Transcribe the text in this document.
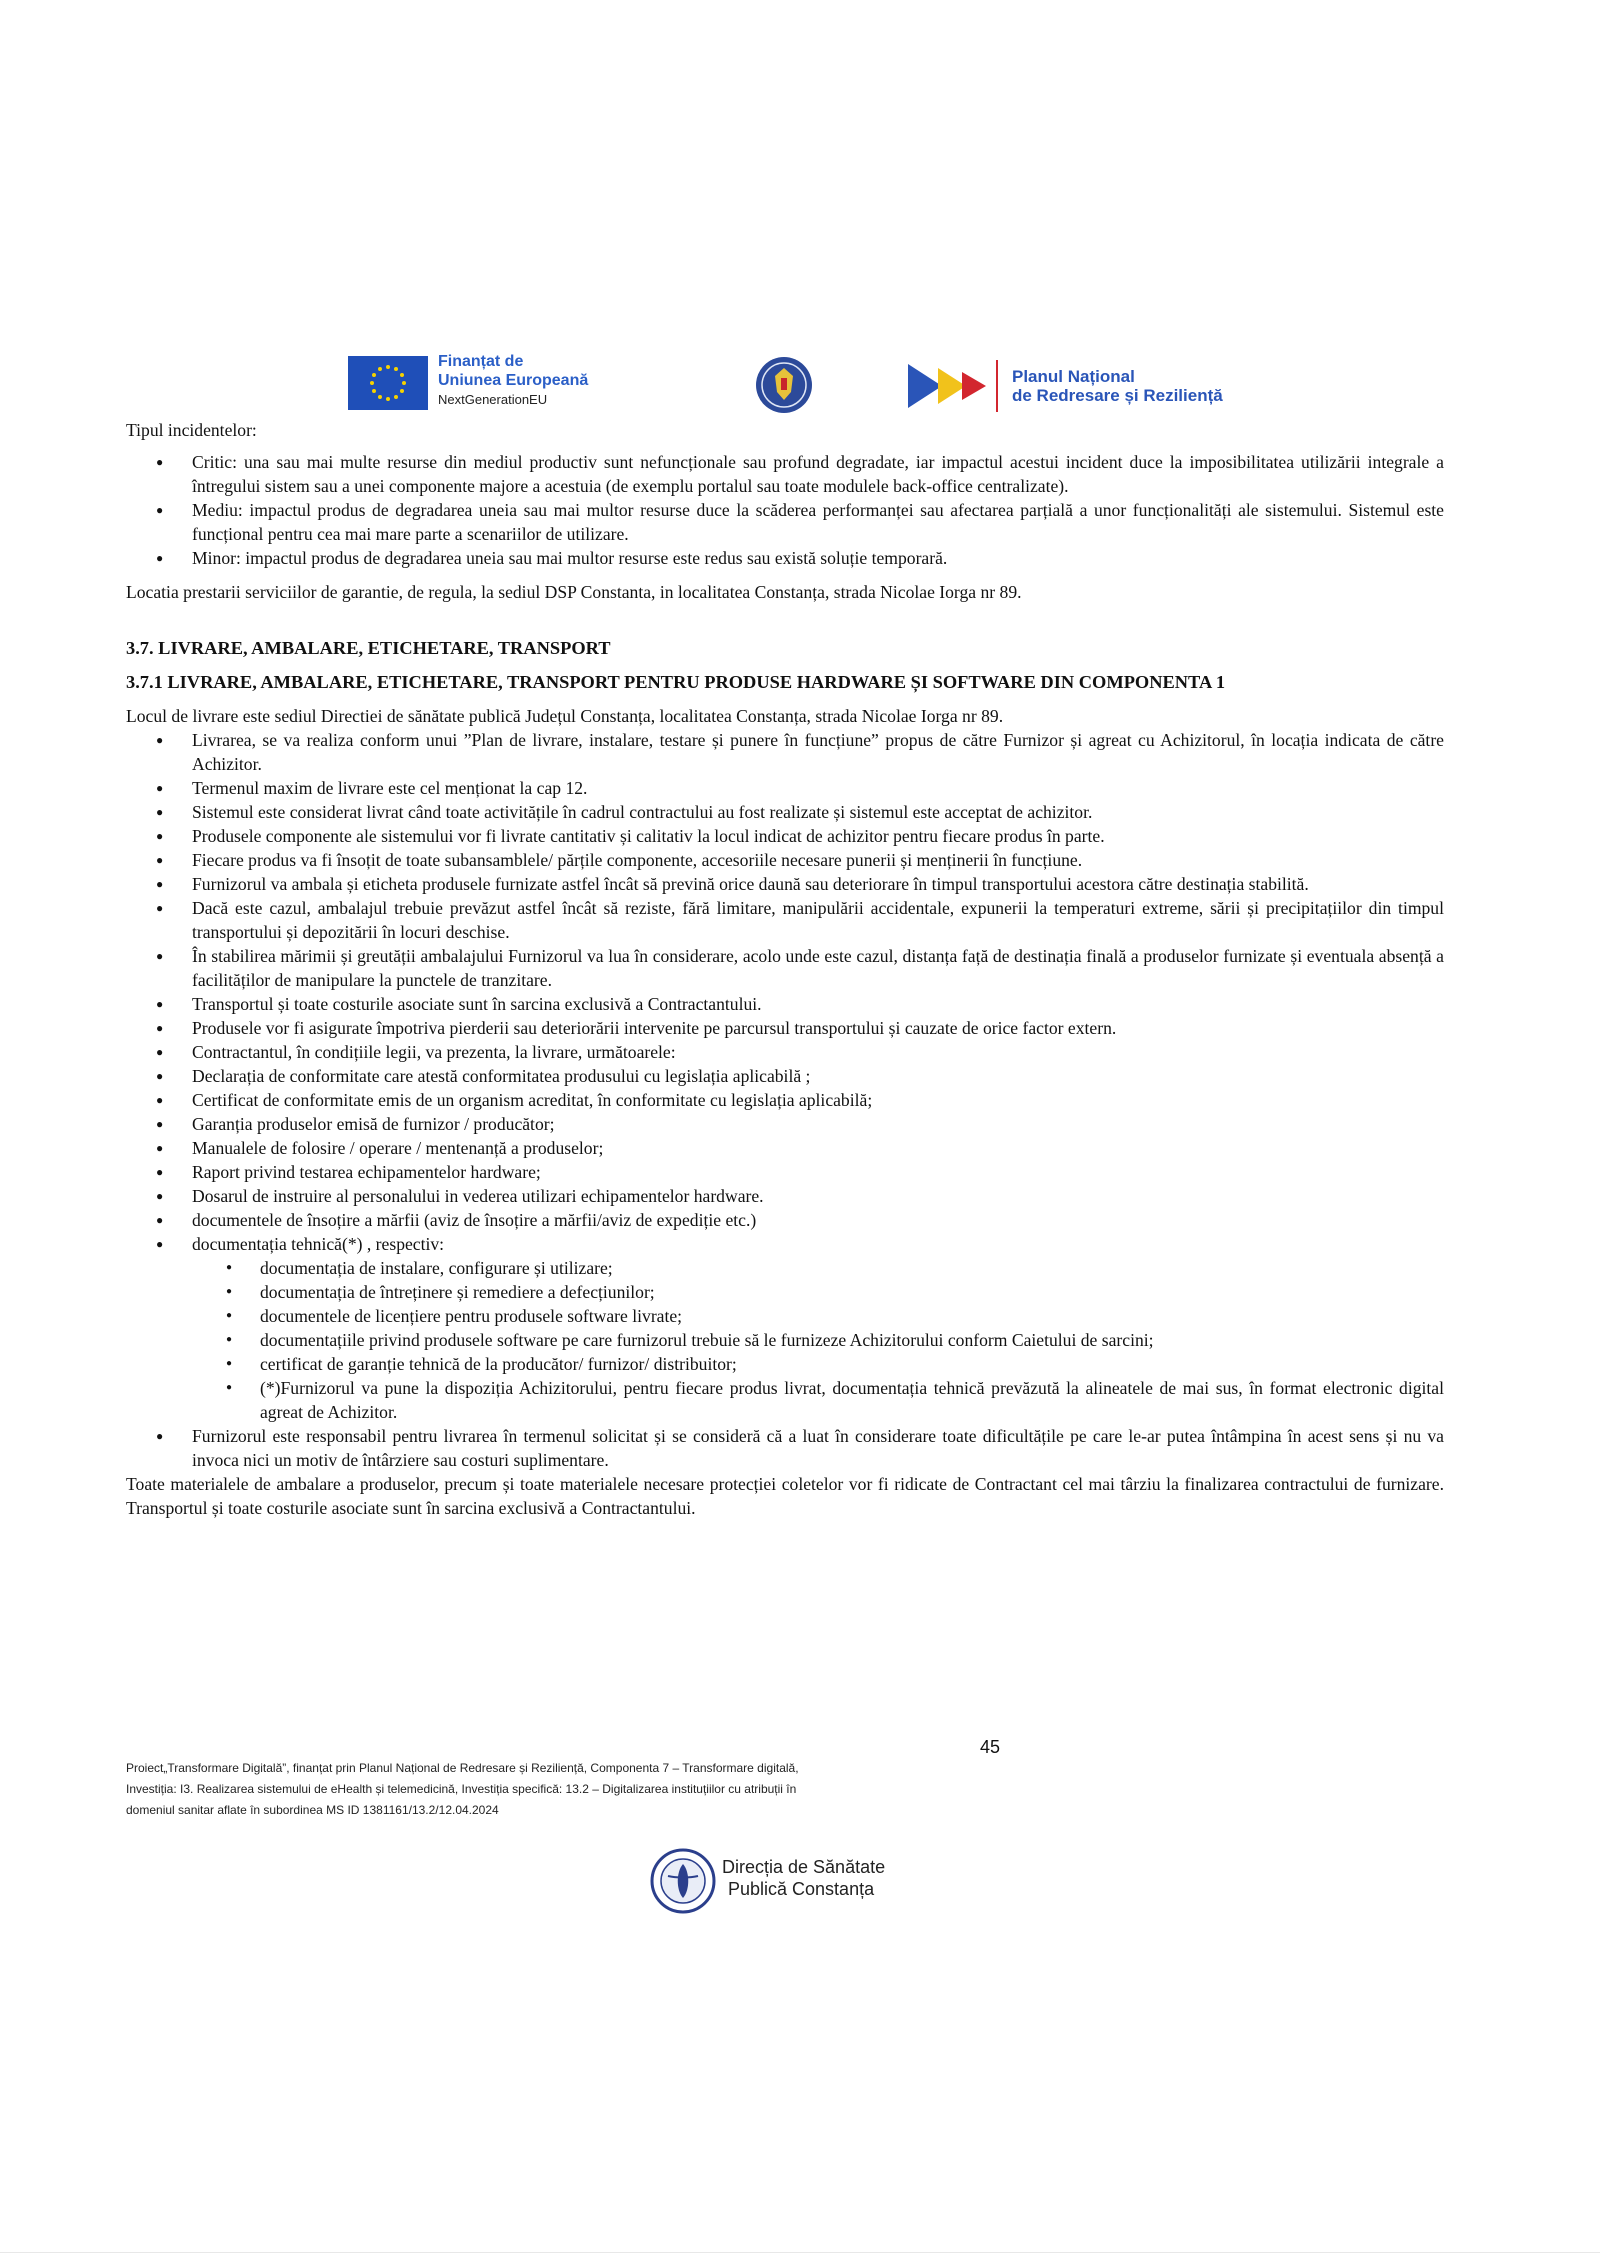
Finanțat de
Uniunea Europeană
NextGenerationEU
Planul Național
de Redresare și Reziliență

Tipul incidentelor:

● Critic: una sau mai multe resurse din mediul productiv sunt nefuncționale sau profund degradate, iar impactul acestui incident duce la imposibilitatea utilizării integrale a întregului sistem sau a unei componente majore a acestuia (de exemplu portalul sau toate modulele back-office centralizate).
● Mediu: impactul produs de degradarea uneia sau mai multor resurse duce la scăderea performanței sau afectarea parțială a unor funcționalități ale sistemului. Sistemul este funcțional pentru cea mai mare parte a scenariilor de utilizare.
● Minor: impactul produs de degradarea uneia sau mai multor resurse este redus sau există soluție temporară.

Locatia prestarii serviciilor de garantie, de regula, la sediul DSP Constanta, in localitatea Constanța, strada Nicolae Iorga nr 89.

3.7. LIVRARE, AMBALARE, ETICHETARE, TRANSPORT

3.7.1 LIVRARE, AMBALARE, ETICHETARE, TRANSPORT PENTRU PRODUSE HARDWARE ȘI SOFTWARE DIN COMPONENTA 1

Locul de livrare este sediul Directiei de sănătate publică Județul Constanța, localitatea Constanța, strada Nicolae Iorga nr 89.

● Livrarea, se va realiza conform unui ”Plan de livrare, instalare, testare și punere în funcțiune” propus de către Furnizor și agreat cu Achizitorul, în locația indicata de către Achizitor.
● Termenul maxim de livrare este cel menționat la cap 12.
● Sistemul este considerat livrat când toate activitățile în cadrul contractului au fost realizate și sistemul este acceptat de achizitor.
● Produsele componente ale sistemului vor fi livrate cantitativ și calitativ la locul indicat de achizitor pentru fiecare produs în parte.
● Fiecare produs va fi însoțit de toate subansamblele/ părțile componente, accesoriile necesare punerii și menținerii în funcțiune.
● Furnizorul va ambala și eticheta produsele furnizate astfel încât să prevină orice daună sau deteriorare în timpul transportului acestora către destinația stabilită.
● Dacă este cazul, ambalajul trebuie prevăzut astfel încât să reziste, fără limitare, manipulării accidentale, expunerii la temperaturi extreme, sării și precipitațiilor din timpul transportului și depozitării în locuri deschise.
● În stabilirea mărimii și greutății ambalajului Furnizorul va lua în considerare, acolo unde este cazul, distanța față de destinația finală a produselor furnizate și eventuala absență a facilităților de manipulare la punctele de tranzitare.
● Transportul și toate costurile asociate sunt în sarcina exclusivă a Contractantului.
● Produsele vor fi asigurate împotriva pierderii sau deteriorării intervenite pe parcursul transportului și cauzate de orice factor extern.
● Contractantul, în condițiile legii, va prezenta, la livrare, următoarele:
● Declarația de conformitate care atestă conformitatea produsului cu legislația aplicabilă ;
● Certificat de conformitate emis de un organism acreditat, în conformitate cu legislația aplicabilă;
● Garanția produselor emisă de furnizor / producător;
● Manualele de folosire / operare / mentenanță a produselor;
● Raport privind testarea echipamentelor hardware;
● Dosarul de instruire al personalului in vederea utilizari echipamentelor hardware.
● documentele de însoțire a mărfii (aviz de însoțire a mărfii/aviz de expediție etc.)
● documentația tehnică(*) , respectiv:
● documentația de instalare, configurare și utilizare;
● documentația de întreținere și remediere a defecțiunilor;
● documentele de licențiere pentru produsele software livrate;
● documentațiile privind produsele software pe care furnizorul trebuie să le furnizeze Achizitorului conform Caietului de sarcini;
● certificat de garanție tehnică de la producător/ furnizor/ distribuitor;
● (*)Furnizorul va pune la dispoziția Achizitorului, pentru fiecare produs livrat, documentația tehnică prevăzută la alineatele de mai sus, în format electronic digital agreat de Achizitor.
● Furnizorul este responsabil pentru livrarea în termenul solicitat și se consideră că a luat în considerare toate dificultățile pe care le-ar putea întâmpina în acest sens și nu va invoca nici un motiv de întârziere sau costuri suplimentare.

Toate materialele de ambalare a produselor, precum și toate materialele necesare protecției coletelor vor fi ridicate de Contractant cel mai târziu la finalizarea contractului de furnizare. Transportul și toate costurile asociate sunt în sarcina exclusivă a Contractantului.

45
Proiect„Transformare Digitală”, finanțat prin Planul Național de Redresare și Reziliență, Componenta 7 – Transformare digitală,
Investiția: I3. Realizarea sistemului de eHealth și telemedicină, Investiția specifică: 13.2 – Digitalizarea instituțiilor cu atribuții în
domeniul sanitar aflate în subordinea MS ID 1381161/13.2/12.04.2024
Direcția de Sănătate
Publică Constanța
